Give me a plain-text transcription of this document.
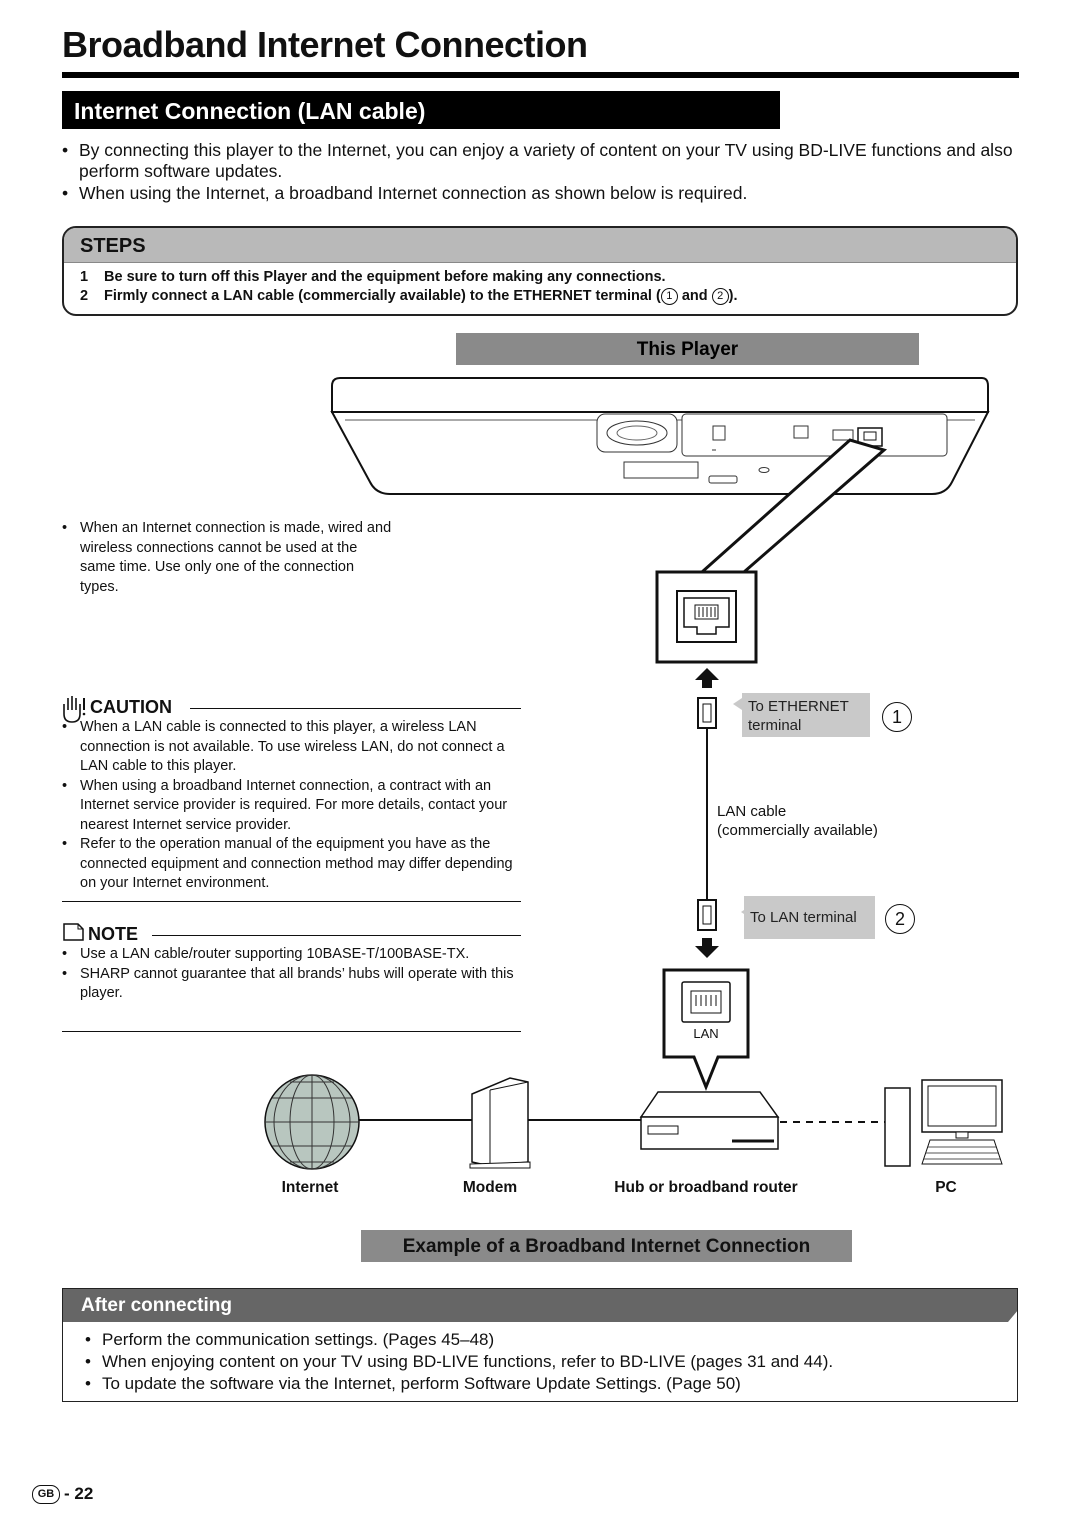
Broadband Internet Connection
Internet Connection (LAN cable)
• By connecting this player to the Internet, you can enjoy a variety of content on your TV using BD-LIVE functions and also perform software updates.
• When using the Internet, a broadband Internet connection as shown below is required.
STEPS
1 Be sure to turn off this Player and the equipment before making any connections.
2 Firmly connect a LAN cable (commercially available) to the ETHERNET terminal ( 1 and 2 ).
This Player
• When an Internet connection is made, wired and wireless connections cannot be used at the same time. Use only one of the connection types.
CAUTION
• When a LAN cable is connected to this player, a wireless LAN connection is not available. To use wireless LAN, do not connect a LAN cable to this player.
• When using a broadband Internet connection, a contract with an Internet service provider is required. For more details, contact your nearest Internet service provider.
• Refer to the operation manual of the equipment you have as the connected equipment and connection method may differ depending on your Internet environment.
NOTE
• Use a LAN cable/router supporting 10BASE-T/100BASE-TX.
• SHARP cannot guarantee that all brands’ hubs will operate with this player.
To ETHERNET terminal	1
LAN cable
(commercially available)
To LAN terminal	2
LAN
Internet	Modem	Hub or broadband router	PC
Example of a Broadband Internet Connection
After connecting
• Perform the communication settings. (Pages 45–48)
• When enjoying content on your TV using BD-LIVE functions, refer to BD-LIVE (pages 31 and 44).
• To update the software via the Internet, perform Software Update Settings. (Page 50)
GB - 22
